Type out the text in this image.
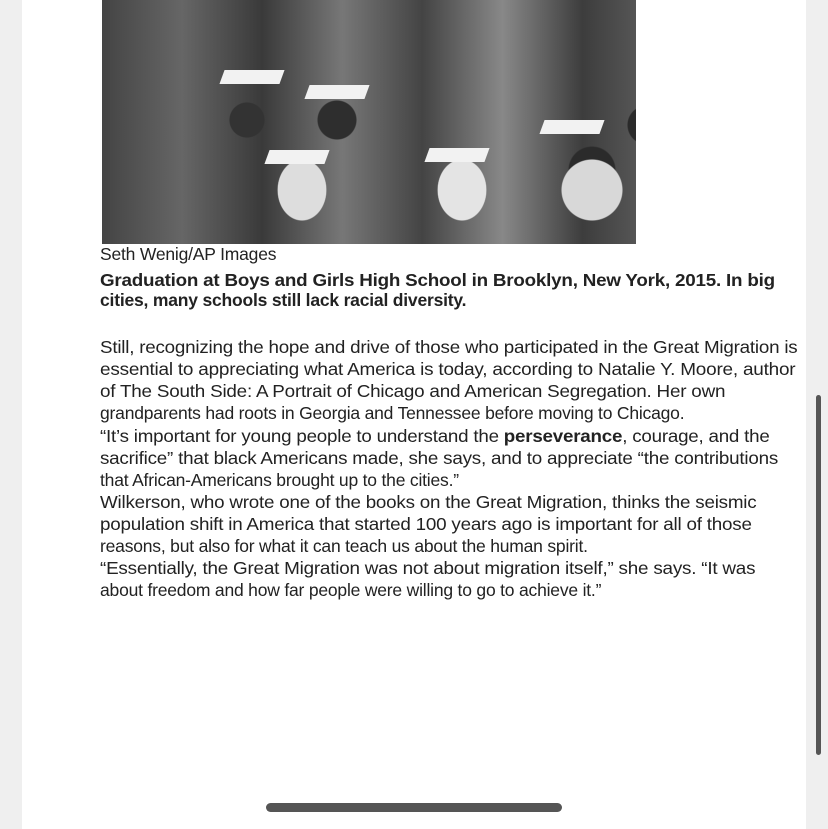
Seth Wenig/AP Images
Graduation at Boys and Girls High School in Brooklyn, New York, 2015. In big
cities, many schools still lack racial diversity.
Still, recognizing the hope and drive of those who participated in the Great Migration is
essential to appreciating what America is today, according to Natalie Y. Moore, author
of The South Side: A Portrait of Chicago and American Segregation. Her own
grandparents had roots in Georgia and Tennessee before moving to Chicago.
“It’s important for young people to understand the perseverance, courage, and the
sacrifice” that black Americans made, she says, and to appreciate “the contributions
that African-Americans brought up to the cities.”
Wilkerson, who wrote one of the books on the Great Migration, thinks the seismic
population shift in America that started 100 years ago is important for all of those
reasons, but also for what it can teach us about the human spirit.
“Essentially, the Great Migration was not about migration itself,” she says. “It was
about freedom and how far people were willing to go to achieve it.”
